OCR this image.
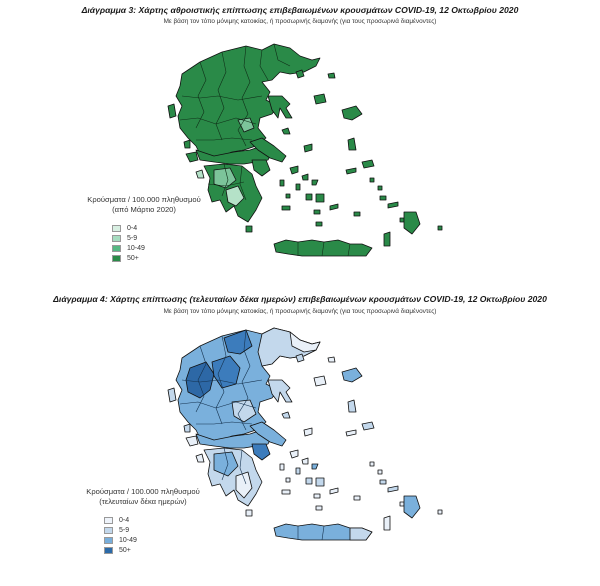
Διάγραμμα 3: Χάρτης αθροιστικής επίπτωσης επιβεβαιωμένων κρουσμάτων COVID-19, 12 Οκτωβρίου 2020
Με βάση τον τόπο μόνιμης κατοικίας, ή προσωρινής διαμονής (για τους προσωρινά διαμένοντες)
Κρούσματα / 100.000 πληθυσμού
(από Μάρτιο 2020)
0-4
5-9
10-49
50+
Διάγραμμα 4: Χάρτης επίπτωσης (τελευταίων δέκα ημερών) επιβεβαιωμένων κρουσμάτων COVID-19, 12 Οκτωβρίου 2020
Με βάση τον τόπο μόνιμης κατοικίας, ή προσωρινής διαμονής (για τους προσωρινά διαμένοντες)
Κρούσματα / 100.000 πληθυσμού
(τελευταίων δέκα ημερών)
0-4
5-9
10-49
50+
